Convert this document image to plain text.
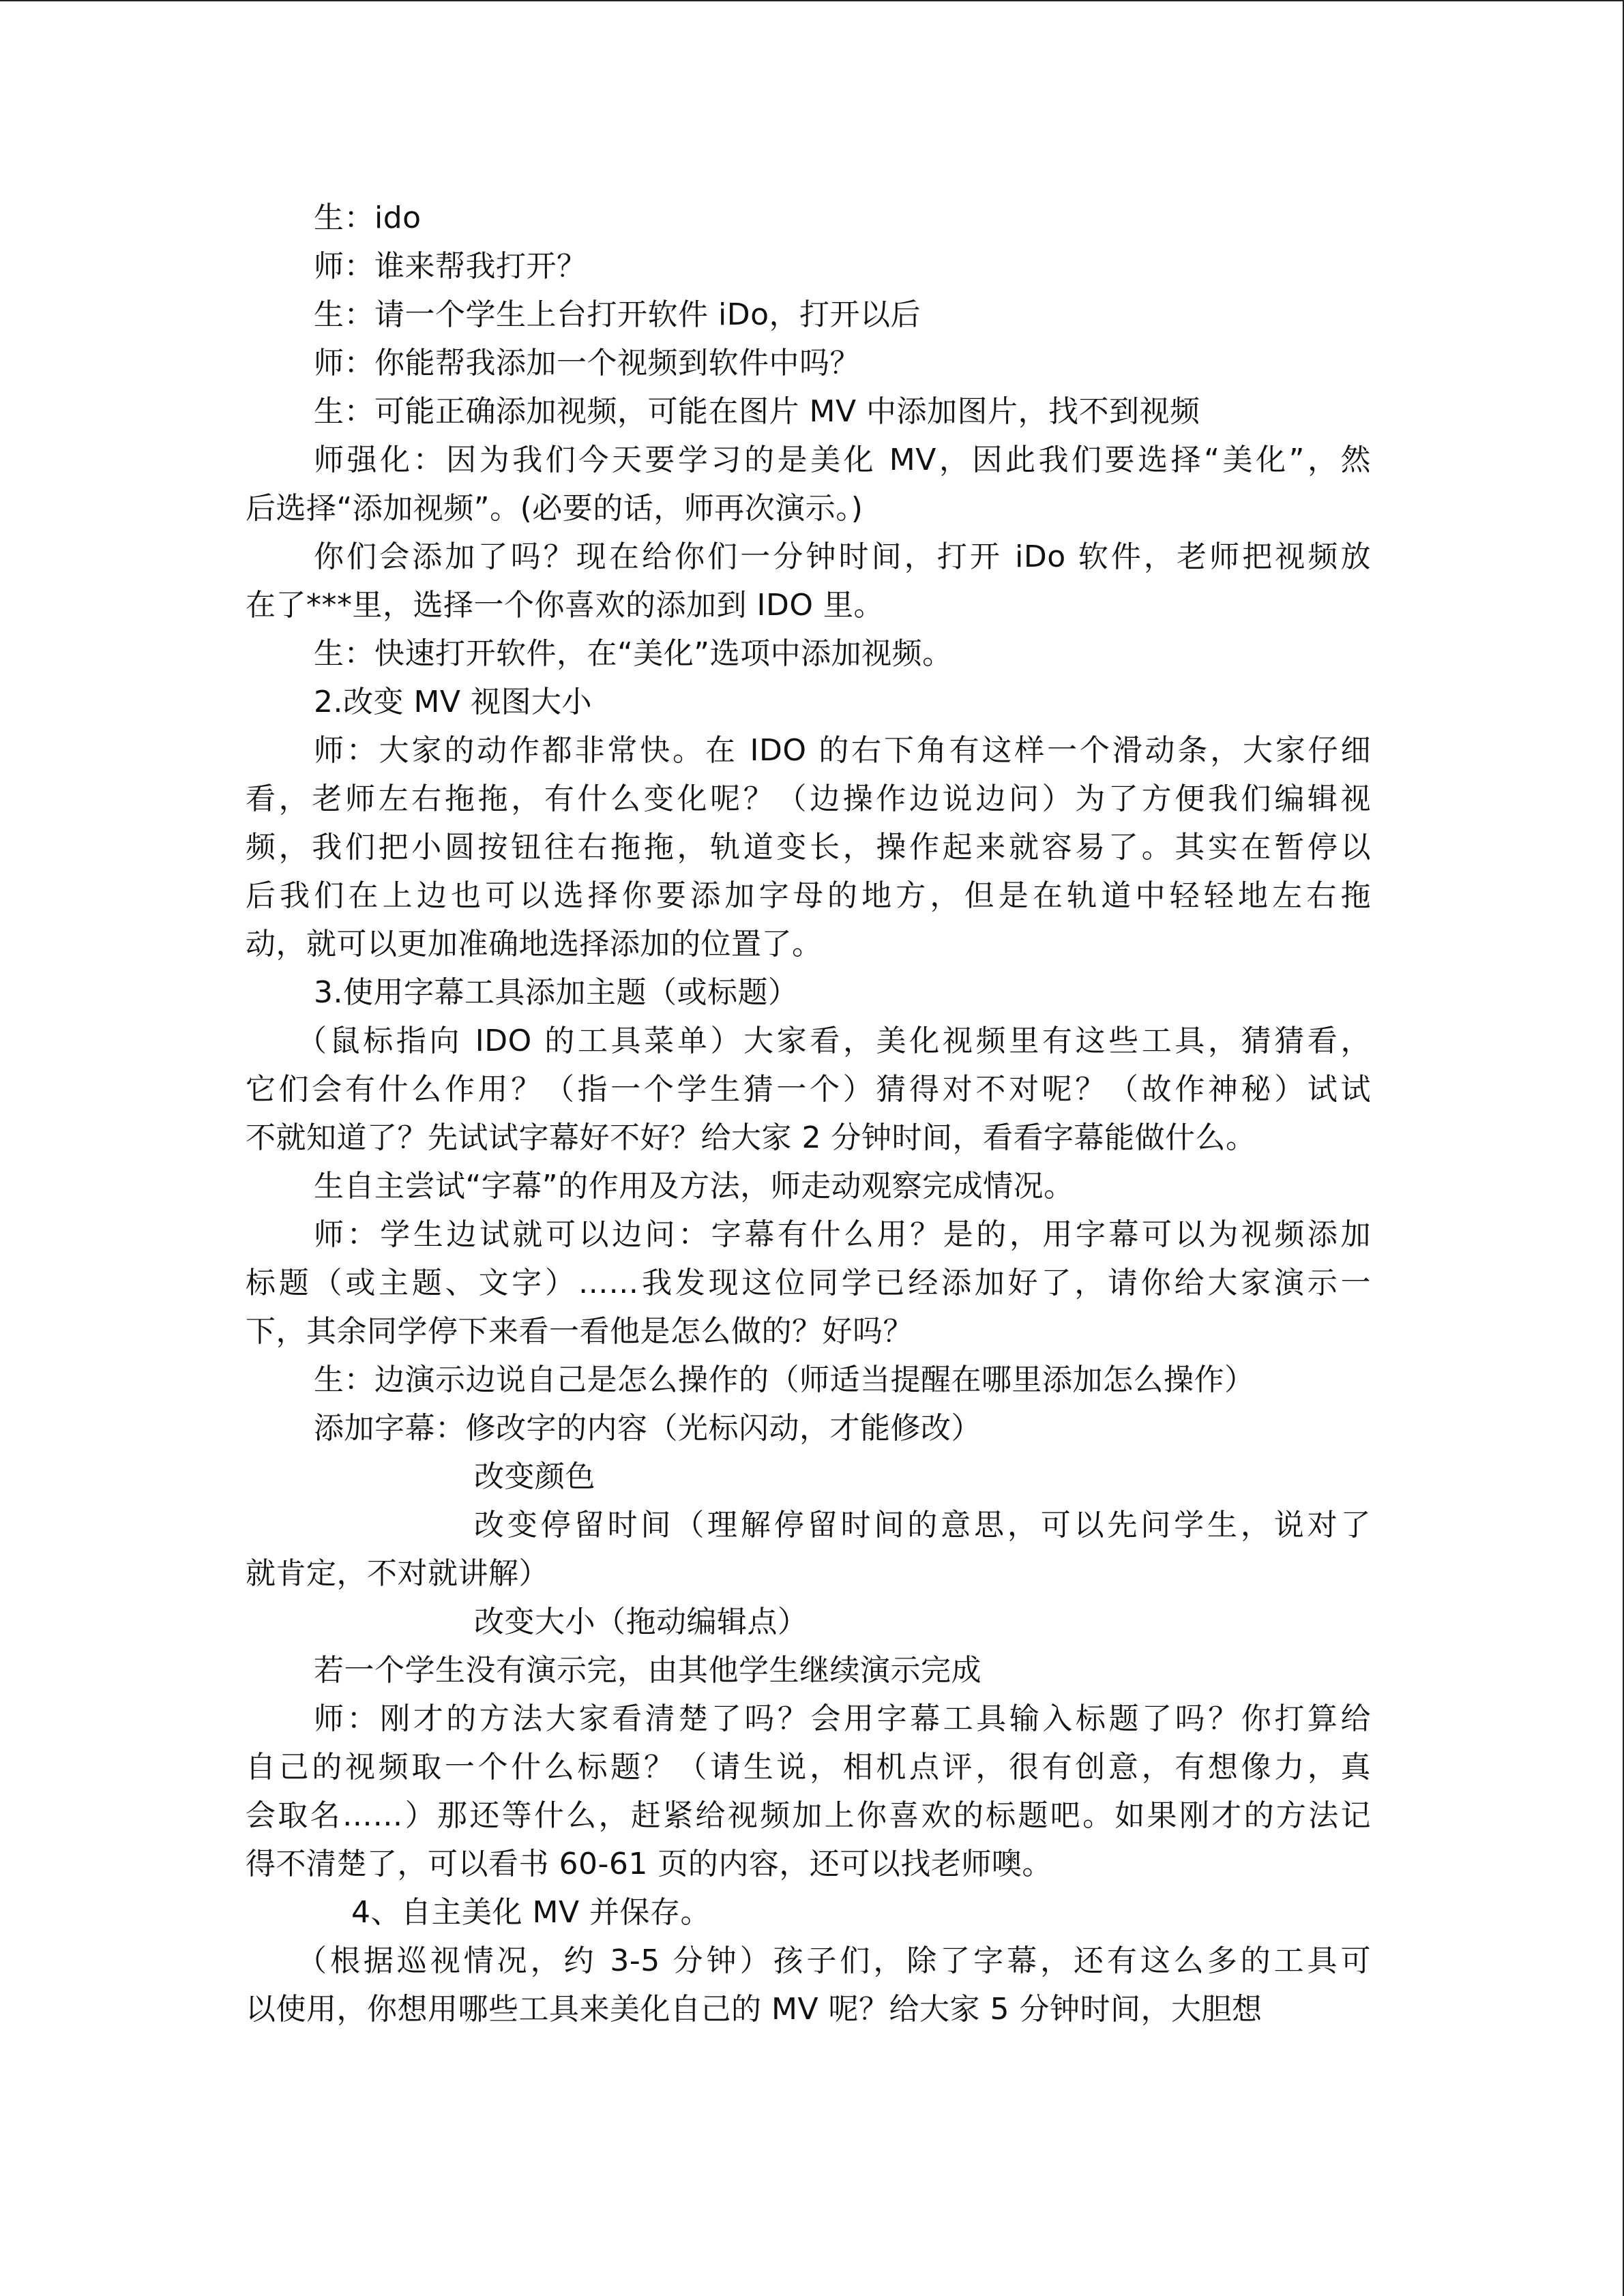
生：ido
师：谁来帮我打开？
生：请一个学生上台打开软件 iDo，打开以后
师：你能帮我添加一个视频到软件中吗？
生：可能正确添加视频，可能在图片 MV 中添加图片，找不到视频
师强化：因为我们今天要学习的是美化 MV，因此我们要选择“美化”，然
后选择“添加视频”。(必要的话，师再次演示。)
你们会添加了吗？现在给你们一分钟时间，打开 iDo 软件，老师把视频放
在了***里，选择一个你喜欢的添加到 IDO 里。
生：快速打开软件，在“美化”选项中添加视频。
2.改变 MV 视图大小
师：大家的动作都非常快。在 IDO 的右下角有这样一个滑动条，大家仔细
看，老师左右拖拖，有什么变化呢？（边操作边说边问）为了方便我们编辑视
频，我们把小圆按钮往右拖拖，轨道变长，操作起来就容易了。其实在暂停以
后我们在上边也可以选择你要添加字母的地方，但是在轨道中轻轻地左右拖
动，就可以更加准确地选择添加的位置了。
3.使用字幕工具添加主题（或标题）
（鼠标指向 IDO 的工具菜单）大家看，美化视频里有这些工具，猜猜看，
它们会有什么作用？（指一个学生猜一个）猜得对不对呢？（故作神秘）试试
不就知道了？先试试字幕好不好？给大家 2 分钟时间，看看字幕能做什么。
生自主尝试“字幕”的作用及方法，师走动观察完成情况。
师：学生边试就可以边问：字幕有什么用？是的，用字幕可以为视频添加
标题（或主题、文字）……我发现这位同学已经添加好了，请你给大家演示一
下，其余同学停下来看一看他是怎么做的？好吗？
生：边演示边说自己是怎么操作的（师适当提醒在哪里添加怎么操作）
添加字幕：修改字的内容（光标闪动，才能修改）
改变颜色
改变停留时间（理解停留时间的意思，可以先问学生，说对了
就肯定，不对就讲解）
改变大小（拖动编辑点）
若一个学生没有演示完，由其他学生继续演示完成
师：刚才的方法大家看清楚了吗？会用字幕工具输入标题了吗？你打算给
自己的视频取一个什么标题？（请生说，相机点评，很有创意，有想像力，真
会取名……）那还等什么，赶紧给视频加上你喜欢的标题吧。如果刚才的方法记
得不清楚了，可以看书 60-61 页的内容，还可以找老师噢。
4、自主美化 MV 并保存。
（根据巡视情况，约 3-5 分钟）孩子们，除了字幕，还有这么多的工具可
以使用，你想用哪些工具来美化自己的 MV 呢？给大家 5 分钟时间，大胆想
